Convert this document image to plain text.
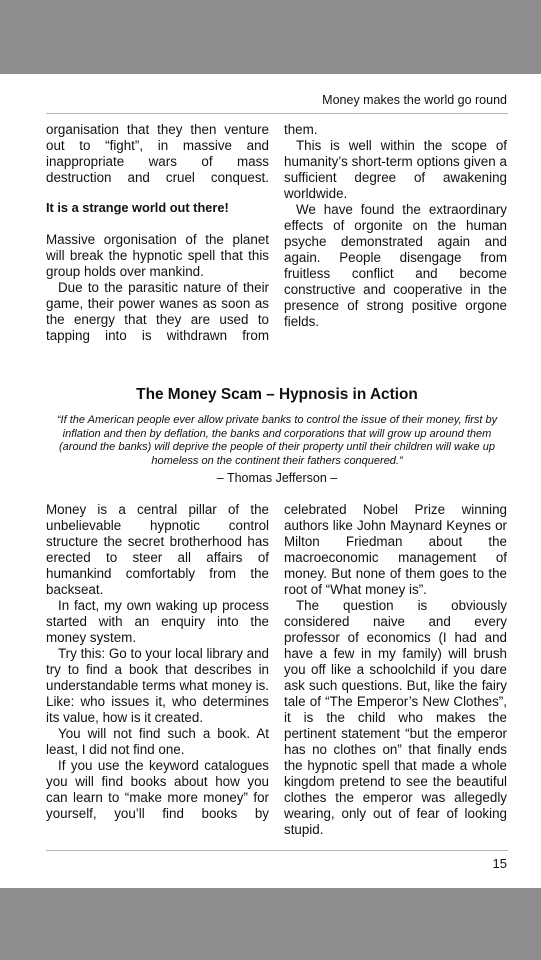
Money makes the world go round

organisation that they then venture out to “fight”, in massive and inappropriate wars of mass destruction and cruel conquest.

It is a strange world out there!

Massive orgonisation of the planet will break the hypnotic spell that this group holds over mankind.

Due to the parasitic nature of their game, their power wanes as soon as the energy that they are used to tapping into is withdrawn from

them.

This is well within the scope of humanity’s short-term options given a sufficient degree of awakening worldwide.

We have found the extraordinary effects of orgonite on the human psyche demonstrated again and again. People disengage from fruitless conflict and become constructive and cooperative in the presence of strong positive orgone fields.

The Money Scam – Hypnosis in Action
“If the American people ever allow private banks to control the issue of their money, first by inflation and then by deflation, the banks and corporations that will grow up around them (around the banks) will deprive the people of their property until their children will wake up homeless on the continent their fathers conquered.”
– Thomas Jefferson –

Money is a central pillar of the unbelievable hypnotic control structure the secret brotherhood has erected to steer all affairs of humankind comfortably from the backseat.

In fact, my own waking up process started with an enquiry into the money system.

Try this: Go to your local library and try to find a book that describes in understandable terms what money is. Like: who issues it, who determines its value, how is it created.

You will not find such a book. At least, I did not find one.

If you use the keyword catalogues you will find books about how you can learn to “make more money” for yourself, you’ll find books by

celebrated Nobel Prize winning authors like John Maynard Keynes or Milton Friedman about the macroeconomic management of money. But none of them goes to the root of “What money is”.

The question is obviously considered naive and every professor of economics (I had and have a few in my family) will brush you off like a schoolchild if you dare ask such questions. But, like the fairy tale of “The Emperor’s New Clothes”, it is the child who makes the pertinent statement “but the emperor has no clothes on” that finally ends the hypnotic spell that made a whole kingdom pretend to see the beautiful clothes the emperor was allegedly wearing, only out of fear of looking stupid.

15
